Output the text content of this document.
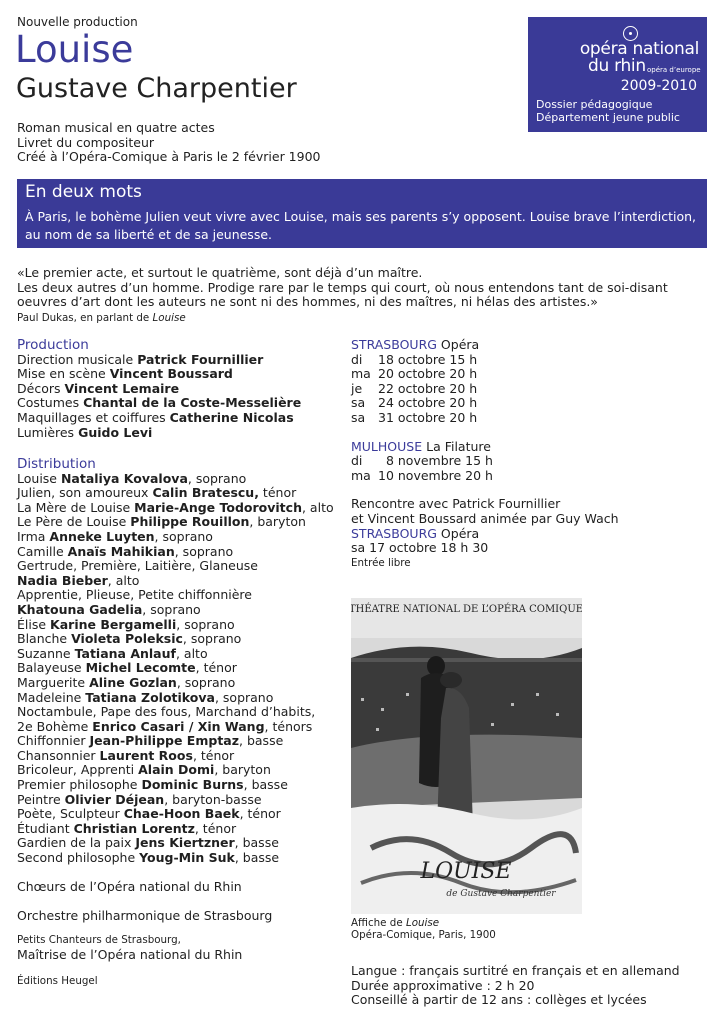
Nouvelle production
Louise
Gustave Charpentier
Roman musical en quatre actes
Livret du compositeur
Créé à l’Opéra-Comique à Paris le 2 février 1900
opéra national
du rhin opéra d’europe
2009-2010
Dossier pédagogique
Département jeune public
En deux mots
À Paris, le bohème Julien veut vivre avec Louise, mais ses parents s’y opposent. Louise brave l’interdiction, au nom de sa liberté et de sa jeunesse.
«Le premier acte, et surtout le quatrième, sont déjà d’un maître.
Les deux autres d’un homme. Prodige rare par le temps qui court, où nous entendons tant de soi-disant
oeuvres d’art dont les auteurs ne sont ni des hommes, ni des maîtres, ni hélas des artistes.»
Paul Dukas, en parlant de Louise
Production
Direction musicale Patrick Fournillier
Mise en scène Vincent Boussard
Décors Vincent Lemaire
Costumes Chantal de la Coste-Messelière
Maquillages et coiffures Catherine Nicolas
Lumières Guido Levi
Distribution
Louise Nataliya Kovalova, soprano
Julien, son amoureux Calin Bratescu, ténor
La Mère de Louise Marie-Ange Todorovitch, alto
Le Père de Louise Philippe Rouillon, baryton
Irma Anneke Luyten, soprano
Camille Anaïs Mahikian, soprano
Gertrude, Première, Laitière, Glaneuse
Nadia Bieber, alto
Apprentie, Plieuse, Petite chiffonnière
Khatouna Gadelia, soprano
Élise Karine Bergamelli, soprano
Blanche Violeta Poleksic, soprano
Suzanne Tatiana Anlauf, alto
Balayeuse Michel Lecomte, ténor
Marguerite Aline Gozlan, soprano
Madeleine Tatiana Zolotikova, soprano
Noctambule, Pape des fous, Marchand d’habits,
2e Bohème Enrico Casari / Xin Wang, ténors
Chiffonnier Jean-Philippe Emptaz, basse
Chansonnier Laurent Roos, ténor
Bricoleur, Apprenti Alain Domi, baryton
Premier philosophe Dominic Burns, basse
Peintre Olivier Déjean, baryton-basse
Poète, Sculpteur Chae-Hoon Baek, ténor
Étudiant Christian Lorentz, ténor
Gardien de la paix Jens Kiertzner, basse
Second philosophe Youg-Min Suk, basse
Chœurs de l’Opéra national du Rhin
Orchestre philharmonique de Strasbourg
Petits Chanteurs de Strasbourg,
Maîtrise de l’Opéra national du Rhin
Éditions Heugel
STRASBOURG Opéra
di	18 octobre 15 h
ma 20 octobre 20 h
je	22 octobre 20 h
sa	24 octobre 20 h
sa	31 octobre 20 h
MULHOUSE La Filature
di	8 novembre 15 h
ma 10 novembre 20 h
Rencontre avec Patrick Fournillier
et Vincent Boussard animée par Guy Wach
STRASBOURG Opéra
sa 17 octobre 18 h 30
Entrée libre
THÉATRE NATIONAL DE L’OPÉRA COMIQUE
LOUISE
de Gustave Charpentier
Affiche de Louise
Opéra-Comique, Paris, 1900
Langue : français surtitré en français et en allemand
Durée approximative : 2 h 20
Conseillé à partir de 12 ans : collèges et lycées
